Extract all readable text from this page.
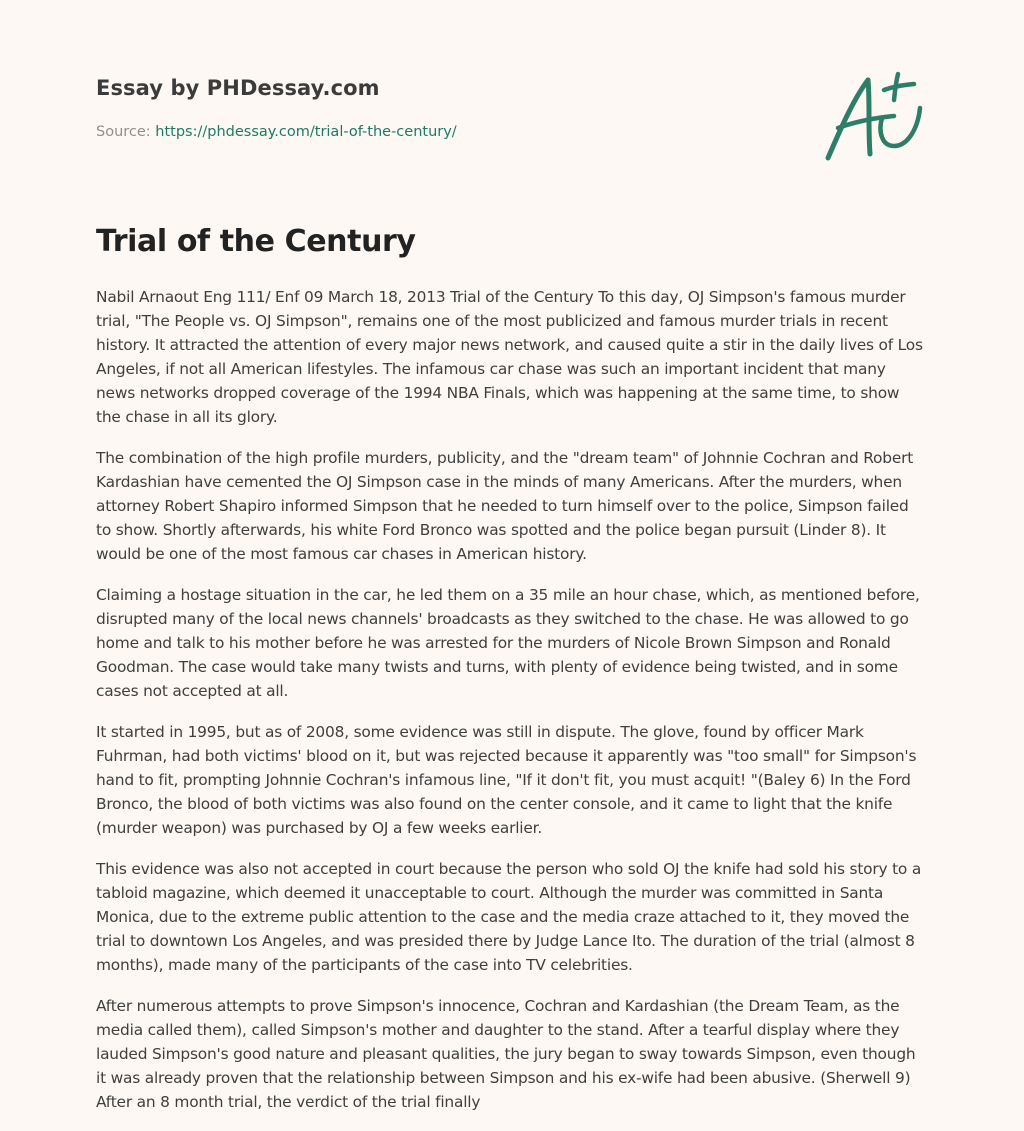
Essay by PHDessay.com
Source: https://phdessay.com/trial-of-the-century/
Trial of the Century

Nabil Arnaout Eng 111/ Enf 09 March 18, 2013 Trial of the Century To this day, OJ Simpson's famous murder trial, "The People vs. OJ Simpson", remains one of the most publicized and famous murder trials in recent history. It attracted the attention of every major news network, and caused quite a stir in the daily lives of Los Angeles, if not all American lifestyles. The infamous car chase was such an important incident that many news networks dropped coverage of the 1994 NBA Finals, which was happening at the same time, to show the chase in all its glory.

The combination of the high profile murders, publicity, and the "dream team" of Johnnie Cochran and Robert Kardashian have cemented the OJ Simpson case in the minds of many Americans. After the murders, when attorney Robert Shapiro informed Simpson that he needed to turn himself over to the police, Simpson failed to show. Shortly afterwards, his white Ford Bronco was spotted and the police began pursuit (Linder 8). It would be one of the most famous car chases in American history.

Claiming a hostage situation in the car, he led them on a 35 mile an hour chase, which, as mentioned before, disrupted many of the local news channels' broadcasts as they switched to the chase. He was allowed to go home and talk to his mother before he was arrested for the murders of Nicole Brown Simpson and Ronald Goodman. The case would take many twists and turns, with plenty of evidence being twisted, and in some cases not accepted at all.

It started in 1995, but as of 2008, some evidence was still in dispute. The glove, found by officer Mark Fuhrman, had both victims' blood on it, but was rejected because it apparently was "too small" for Simpson's hand to fit, prompting Johnnie Cochran's infamous line, "If it don't fit, you must acquit! "(Baley 6) In the Ford Bronco, the blood of both victims was also found on the center console, and it came to light that the knife (murder weapon) was purchased by OJ a few weeks earlier.

This evidence was also not accepted in court because the person who sold OJ the knife had sold his story to a tabloid magazine, which deemed it unacceptable to court. Although the murder was committed in Santa Monica, due to the extreme public attention to the case and the media craze attached to it, they moved the trial to downtown Los Angeles, and was presided there by Judge Lance Ito. The duration of the trial (almost 8 months), made many of the participants of the case into TV celebrities.

After numerous attempts to prove Simpson's innocence, Cochran and Kardashian (the Dream Team, as the media called them), called Simpson's mother and daughter to the stand. After a tearful display where they lauded Simpson's good nature and pleasant qualities, the jury began to sway towards Simpson, even though it was already proven that the relationship between Simpson and his ex-wife had been abusive. (Sherwell 9) After an 8 month trial, the verdict of the trial finally
